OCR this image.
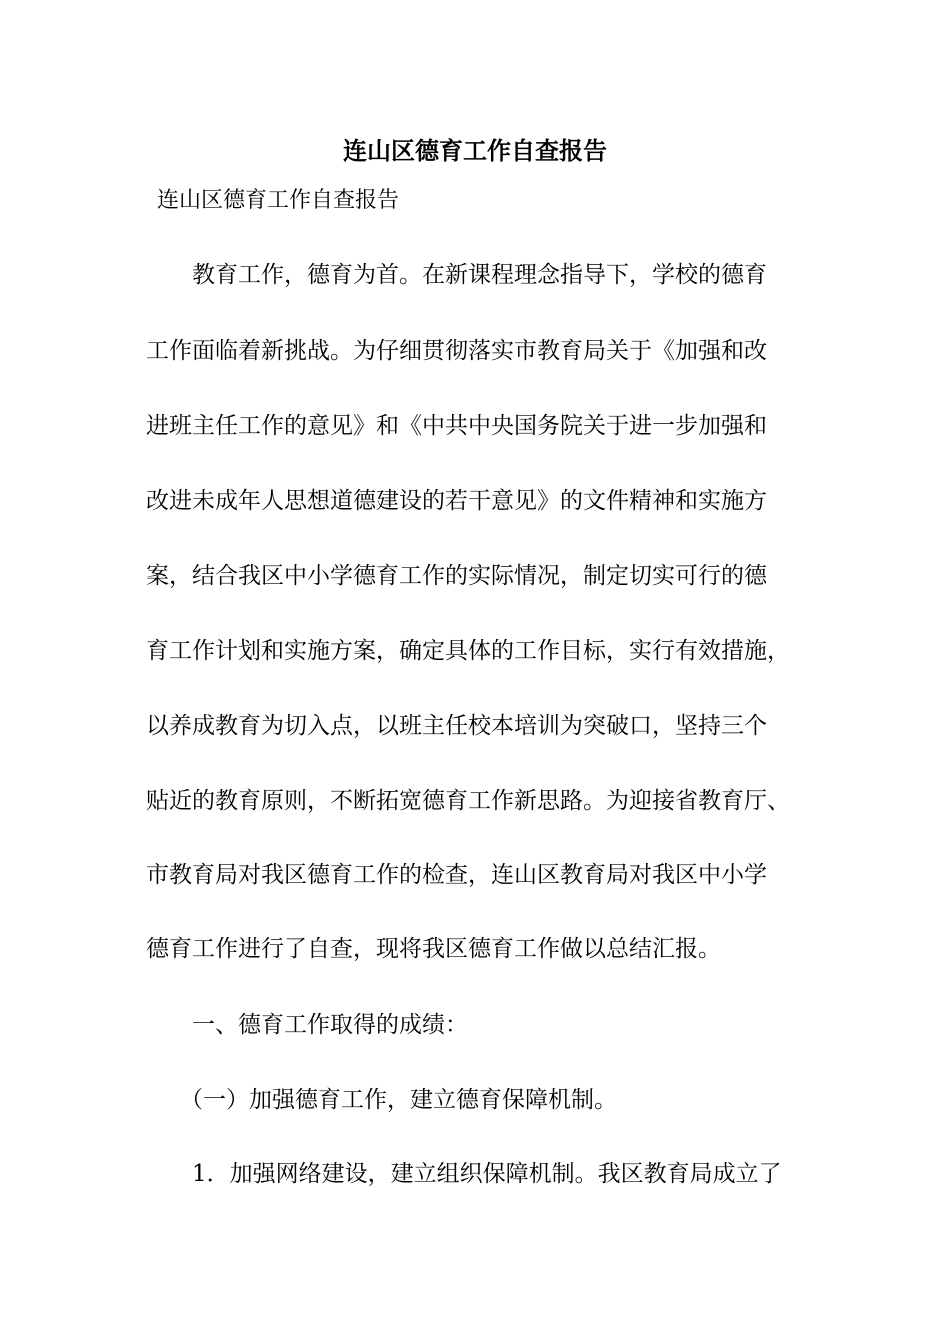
连山区德育工作自查报告

连山区德育工作自查报告

教育工作，德育为首。在新课程理念指导下，学校的德育

工作面临着新挑战。为仔细贯彻落实市教育局关于《加强和改

进班主任工作的意见》和《中共中央国务院关于进一步加强和

改进未成年人思想道德建设的若干意见》的文件精神和实施方

案，结合我区中小学德育工作的实际情况，制定切实可行的德

育工作计划和实施方案，确定具体的工作目标，实行有效措施，

以养成教育为切入点，以班主任校本培训为突破口，坚持三个

贴近的教育原则，不断拓宽德育工作新思路。为迎接省教育厅、

市教育局对我区德育工作的检查，连山区教育局对我区中小学

德育工作进行了自查，现将我区德育工作做以总结汇报。

一、德育工作取得的成绩：

（一）加强德育工作，建立德育保障机制。

1．加强网络建设，建立组织保障机制。我区教育局成立了
